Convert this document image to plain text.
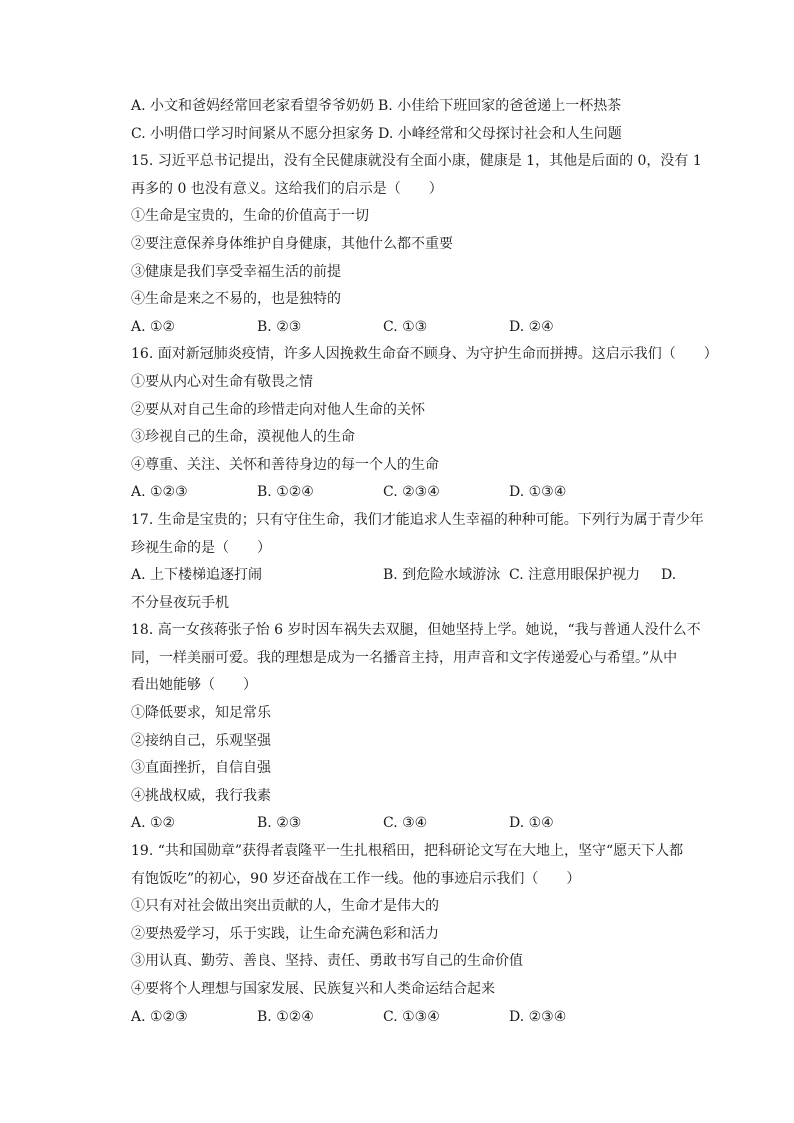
A. 小文和爸妈经常回老家看望爷爷奶奶 B. 小佳给下班回家的爸爸递上一杯热茶
C. 小明借口学习时间紧从不愿分担家务 D. 小峰经常和父母探讨社会和人生问题
15. 习近平总书记提出，没有全民健康就没有全面小康，健康是 1，其他是后面的 0，没有 1
再多的 0 也没有意义。这给我们的启示是（　　）
①生命是宝贵的，生命的价值高于一切
②要注意保养身体维护自身健康，其他什么都不重要
③健康是我们享受幸福生活的前提
④生命是来之不易的，也是独特的
A. ①②	B. ②③	C. ①③	D. ②④
16. 面对新冠肺炎疫情，许多人因挽救生命奋不顾身、为守护生命而拼搏。这启示我们（　　）
①要从内心对生命有敬畏之情
②要从对自己生命的珍惜走向对他人生命的关怀
③珍视自己的生命，漠视他人的生命
④尊重、关注、关怀和善待身边的每一个人的生命
A. ①②③	B. ①②④	C. ②③④	D. ①③④
17. 生命是宝贵的；只有守住生命，我们才能追求人生幸福的种种可能。下列行为属于青少年
珍视生命的是（　　）
A. 上下楼梯追逐打闹	B. 到危险水域游泳 C. 注意用眼保护视力	D.
不分昼夜玩手机
18. 高一女孩蒋张子怡 6 岁时因车祸失去双腿，但她坚持上学。她说，“我与普通人没什么不
同，一样美丽可爱。我的理想是成为一名播音主持，用声音和文字传递爱心与希望。”从中
看出她能够（　　）
①降低要求，知足常乐
②接纳自己，乐观坚强
③直面挫折，自信自强
④挑战权威，我行我素
A. ①②	B. ②③	C. ③④	D. ①④
19. “共和国勋章”获得者袁隆平一生扎根稻田，把科研论文写在大地上，坚守“愿天下人都
有饱饭吃”的初心，90 岁还奋战在工作一线。他的事迹启示我们（　　）
①只有对社会做出突出贡献的人，生命才是伟大的
②要热爱学习，乐于实践，让生命充满色彩和活力
③用认真、勤劳、善良、坚持、责任、勇敢书写自己的生命价值
④要将个人理想与国家发展、民族复兴和人类命运结合起来
A. ①②③	B. ①②④	C. ①③④	D. ②③④
